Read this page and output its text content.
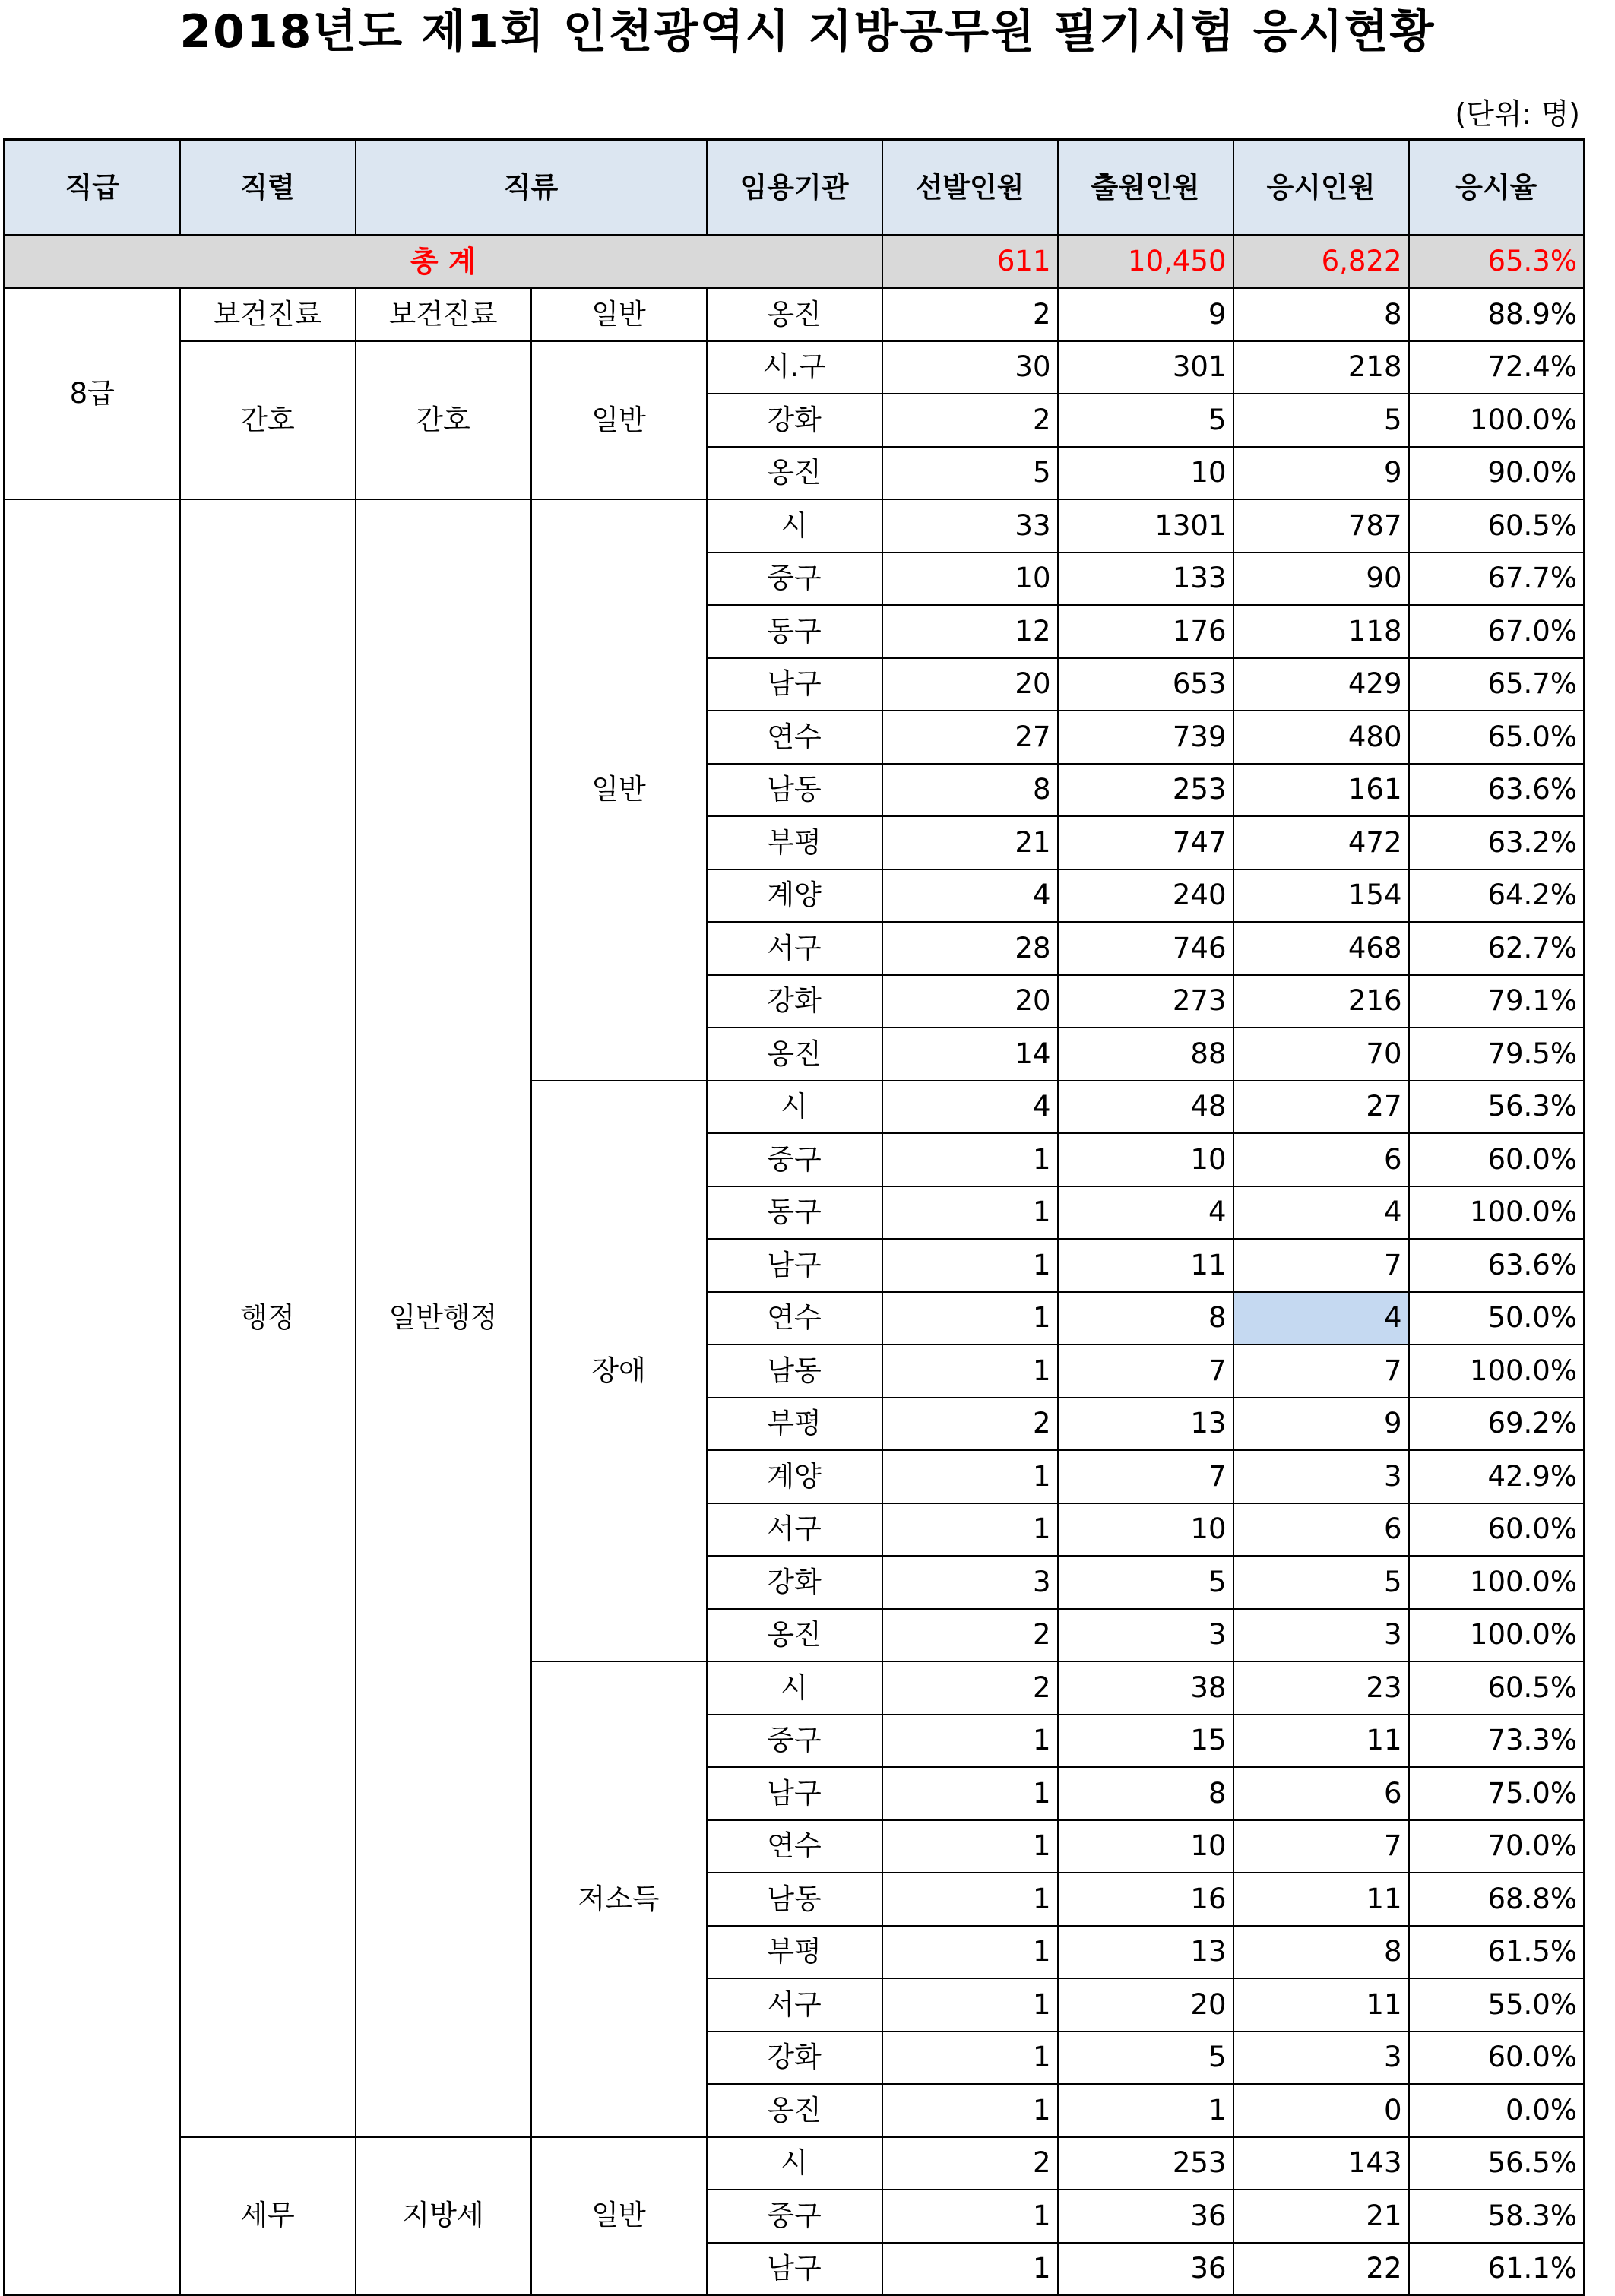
2018년도 제1회 인천광역시 지방공무원 필기시험 응시현황
(단위: 명)
직급	직렬	직류		임용기관	선발인원	출원인원	응시인원	응시율
총 계					611	10,450	6,822	65.3%
8급	보건진료	보건진료	일반	옹진	2	9	8	88.9%
	간호	간호	일반	시.구	30	301	218	72.4%
				강화	2	5	5	100.0%
				옹진	5	10	9	90.0%
	행정	일반행정	일반	시	33	1301	787	60.5%
				중구	10	133	90	67.7%
				동구	12	176	118	67.0%
				남구	20	653	429	65.7%
				연수	27	739	480	65.0%
				남동	8	253	161	63.6%
				부평	21	747	472	63.2%
				계양	4	240	154	64.2%
				서구	28	746	468	62.7%
				강화	20	273	216	79.1%
				옹진	14	88	70	79.5%
			장애	시	4	48	27	56.3%
				중구	1	10	6	60.0%
				동구	1	4	4	100.0%
				남구	1	11	7	63.6%
				연수	1	8	4	50.0%
				남동	1	7	7	100.0%
				부평	2	13	9	69.2%
				계양	1	7	3	42.9%
				서구	1	10	6	60.0%
				강화	3	5	5	100.0%
				옹진	2	3	3	100.0%
			저소득	시	2	38	23	60.5%
				중구	1	15	11	73.3%
				남구	1	8	6	75.0%
				연수	1	10	7	70.0%
				남동	1	16	11	68.8%
				부평	1	13	8	61.5%
				서구	1	20	11	55.0%
				강화	1	5	3	60.0%
				옹진	1	1	0	0.0%
	세무	지방세	일반	시	2	253	143	56.5%
				중구	1	36	21	58.3%
				남구	1	36	22	61.1%
